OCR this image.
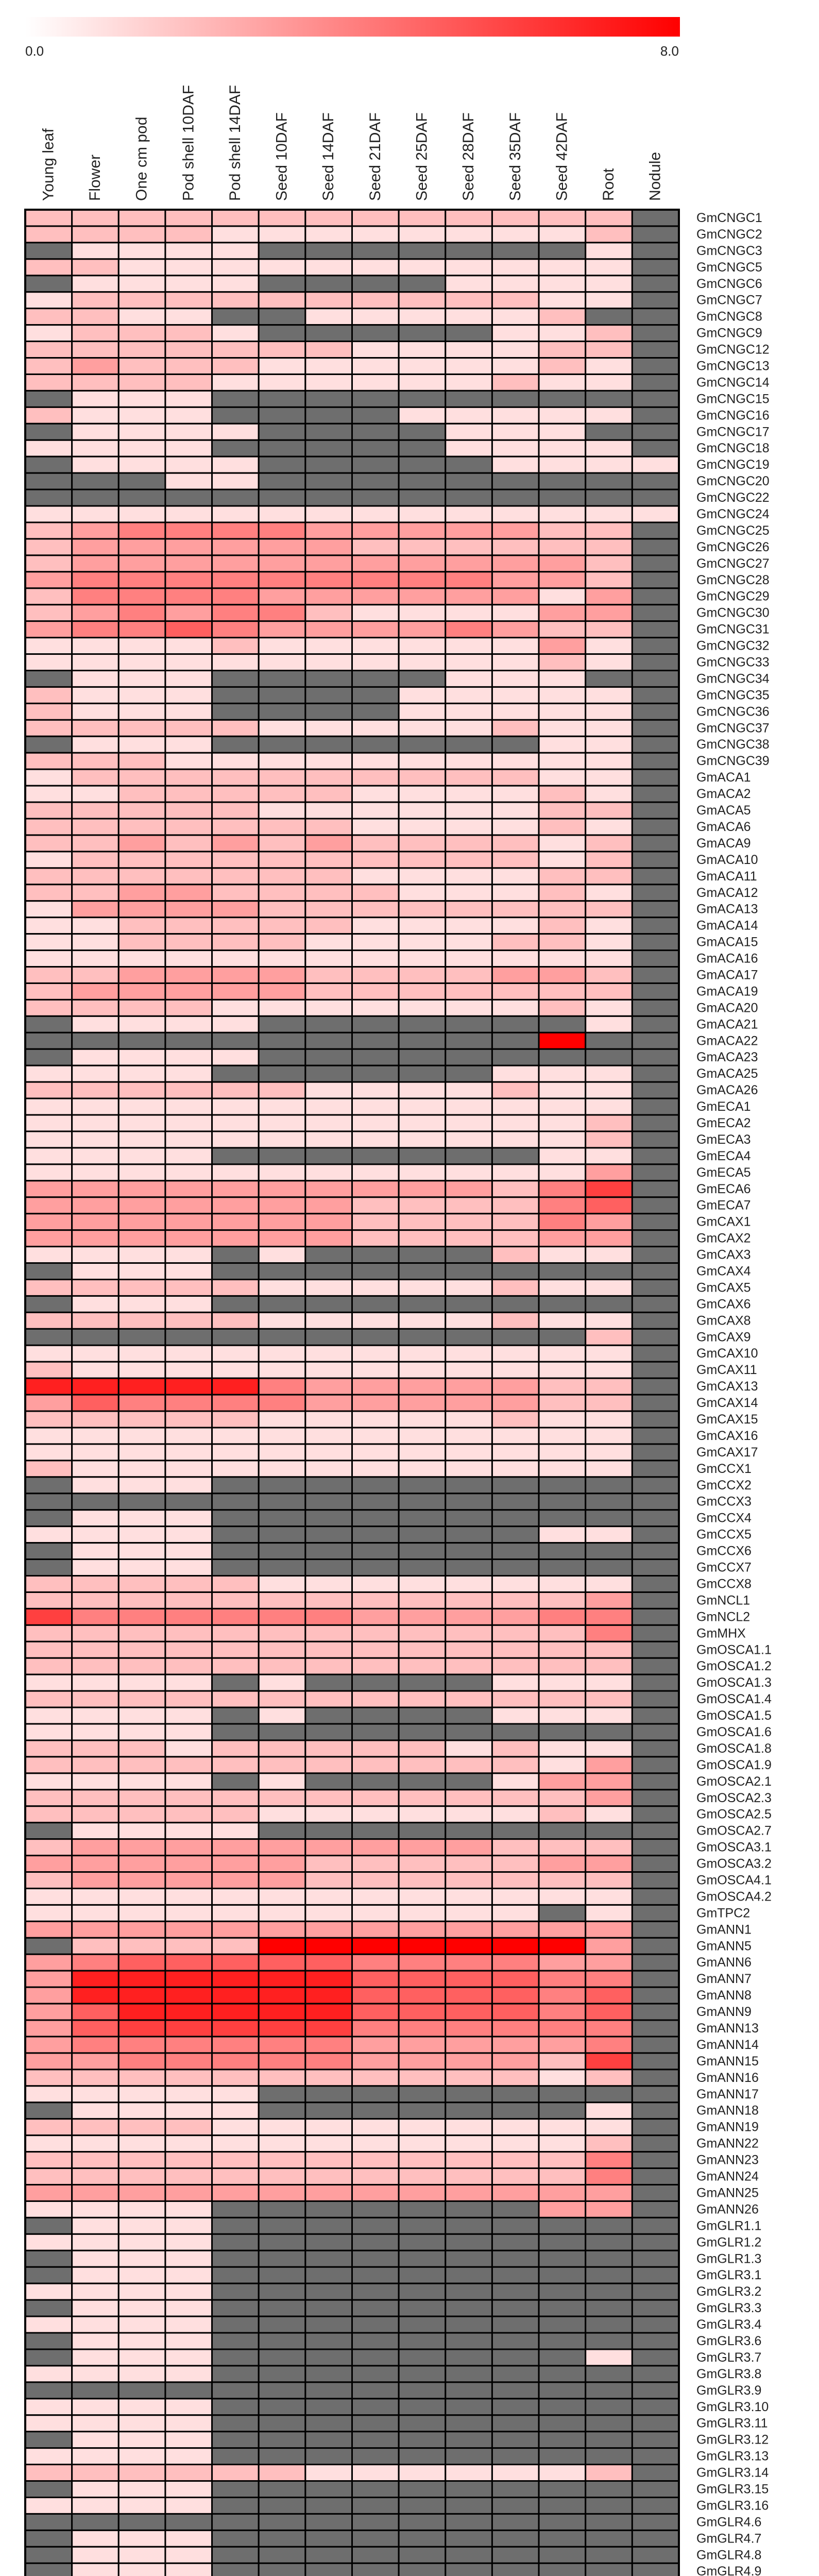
0.0	8.0
Young leaf Flower One cm pod Pod shell 10DAF Pod shell 14DAF Seed 10DAF Seed 14DAF Seed 21DAF Seed 25DAF Seed 28DAF Seed 35DAF Seed 42DAF Root Nodule
GmCNGC1
GmCNGC2
GmCNGC3
GmCNGC5
GmCNGC6
GmCNGC7
GmCNGC8
GmCNGC9
GmCNGC12
GmCNGC13
GmCNGC14
GmCNGC15
GmCNGC16
GmCNGC17
GmCNGC18
GmCNGC19
GmCNGC20
GmCNGC22
GmCNGC24
GmCNGC25
GmCNGC26
GmCNGC27
GmCNGC28
GmCNGC29
GmCNGC30
GmCNGC31
GmCNGC32
GmCNGC33
GmCNGC34
GmCNGC35
GmCNGC36
GmCNGC37
GmCNGC38
GmCNGC39
GmACA1
GmACA2
GmACA5
GmACA6
GmACA9
GmACA10
GmACA11
GmACA12
GmACA13
GmACA14
GmACA15
GmACA16
GmACA17
GmACA19
GmACA20
GmACA21
GmACA22
GmACA23
GmACA25
GmACA26
GmECA1
GmECA2
GmECA3
GmECA4
GmECA5
GmECA6
GmECA7
GmCAX1
GmCAX2
GmCAX3
GmCAX4
GmCAX5
GmCAX6
GmCAX8
GmCAX9
GmCAX10
GmCAX11
GmCAX13
GmCAX14
GmCAX15
GmCAX16
GmCAX17
GmCCX1
GmCCX2
GmCCX3
GmCCX4
GmCCX5
GmCCX6
GmCCX7
GmCCX8
GmNCL1
GmNCL2
GmMHX
GmOSCA1.1
GmOSCA1.2
GmOSCA1.3
GmOSCA1.4
GmOSCA1.5
GmOSCA1.6
GmOSCA1.8
GmOSCA1.9
GmOSCA2.1
GmOSCA2.3
GmOSCA2.5
GmOSCA2.7
GmOSCA3.1
GmOSCA3.2
GmOSCA4.1
GmOSCA4.2
GmTPC2
GmANN1
GmANN5
GmANN6
GmANN7
GmANN8
GmANN9
GmANN13
GmANN14
GmANN15
GmANN16
GmANN17
GmANN18
GmANN19
GmANN22
GmANN23
GmANN24
GmANN25
GmANN26
GmGLR1.1
GmGLR1.2
GmGLR1.3
GmGLR3.1
GmGLR3.2
GmGLR3.3
GmGLR3.4
GmGLR3.6
GmGLR3.7
GmGLR3.8
GmGLR3.9
GmGLR3.10
GmGLR3.11
GmGLR3.12
GmGLR3.13
GmGLR3.14
GmGLR3.15
GmGLR3.16
GmGLR4.6
GmGLR4.7
GmGLR4.8
GmGLR4.9
